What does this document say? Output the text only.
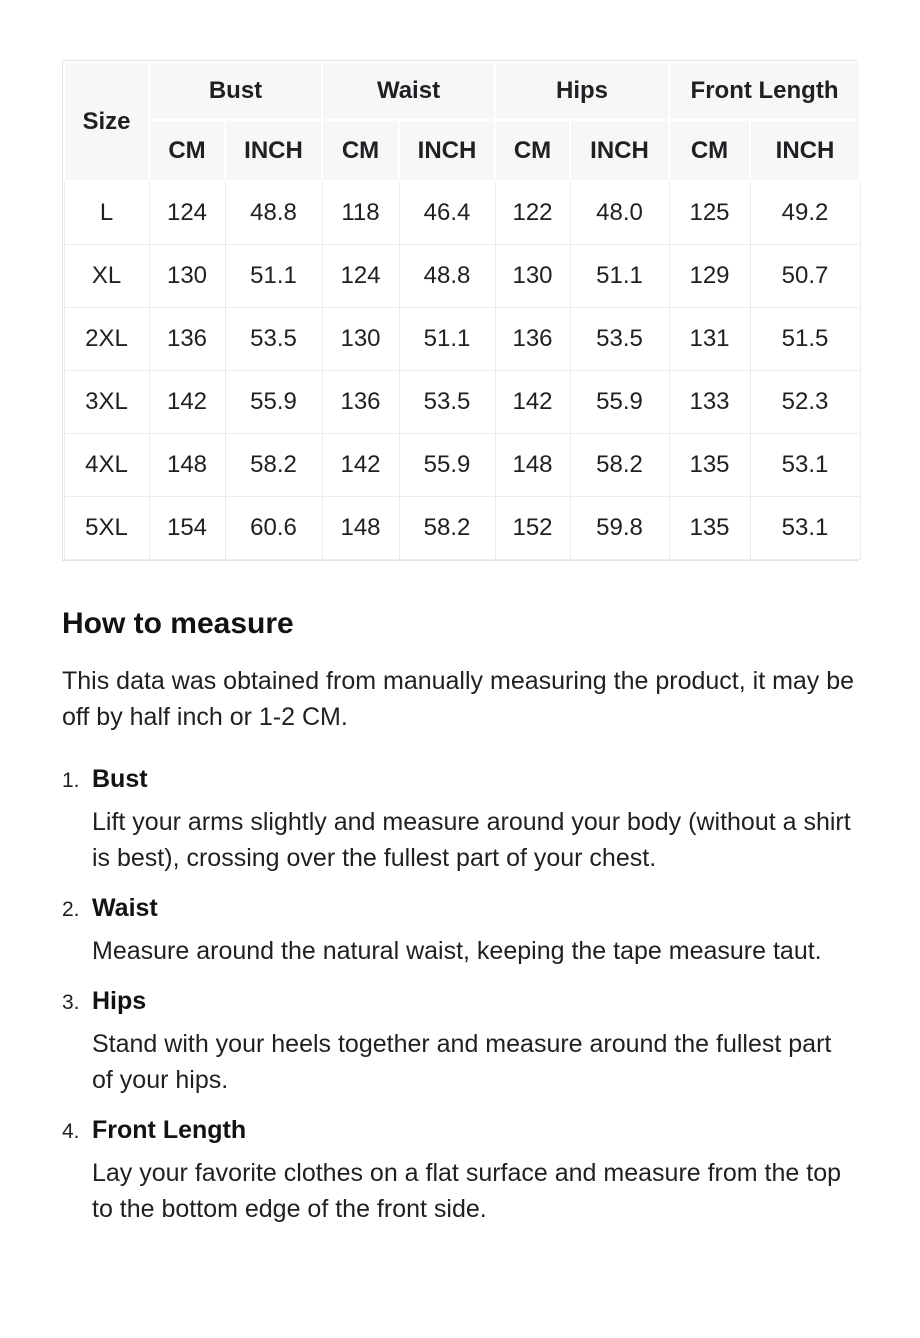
Size	Bust		Waist		Hips		Front Length	
	CM	INCH	CM	INCH	CM	INCH	CM	INCH
L	124	48.8	118	46.4	122	48.0	125	49.2
XL	130	51.1	124	48.8	130	51.1	129	50.7
2XL	136	53.5	130	51.1	136	53.5	131	51.5
3XL	142	55.9	136	53.5	142	55.9	133	52.3
4XL	148	58.2	142	55.9	148	58.2	135	53.1
5XL	154	60.6	148	58.2	152	59.8	135	53.1
How to measure

This data was obtained from manually measuring the product, it may be off by half inch or 1-2 CM.

1. Bust

Lift your arms slightly and measure around your body (without a shirt is best), crossing over the fullest part of your chest.

2. Waist

Measure around the natural waist, keeping the tape measure taut.

3. Hips

Stand with your heels together and measure around the fullest part of your hips.

4. Front Length

Lay your favorite clothes on a flat surface and measure from the top to the bottom edge of the front side.
